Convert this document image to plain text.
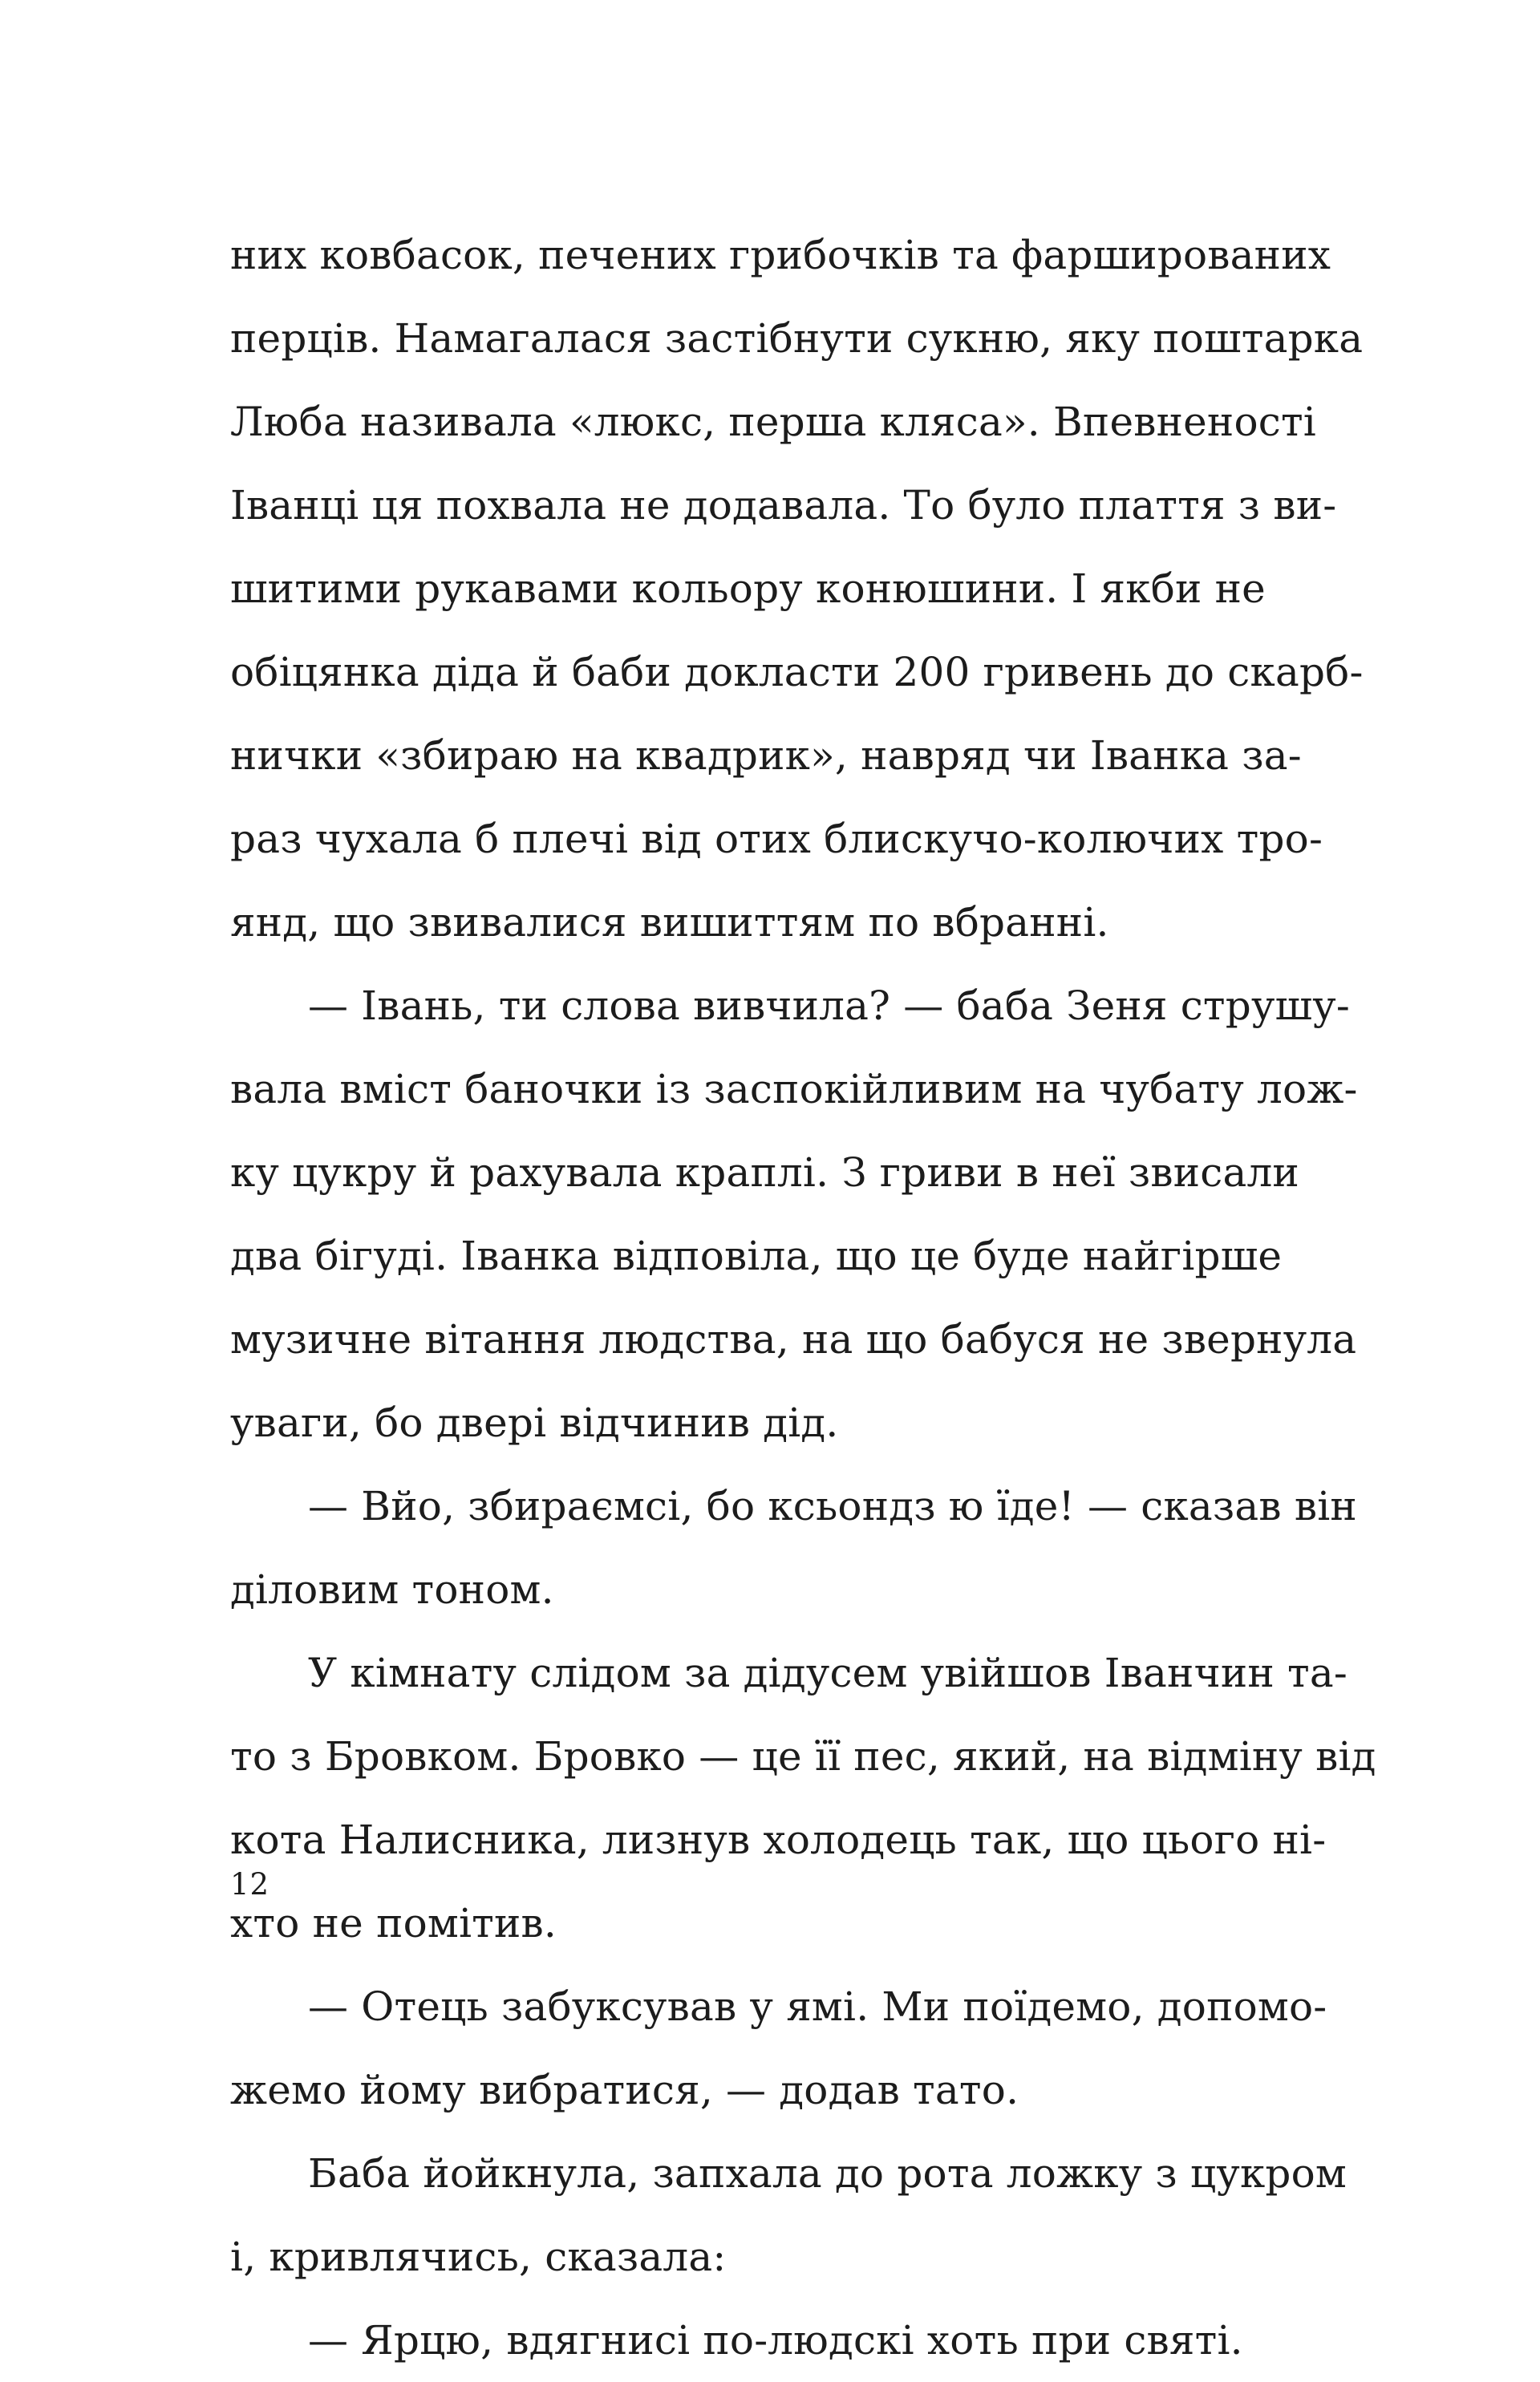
них ковбасок, печених грибочків та фаршированих
перців. Намагалася застібнути сукню, яку поштарка
Люба називала «люкс, перша кляса». Впевненості
Іванці ця похвала не додавала. То було плаття з ви-
шитими рукавами кольору конюшини. І якби не
обіцянка діда й баби докласти 200 гривень до скарб-
нички «збираю на квадрик», навряд чи Іванка за-
раз чухала б плечі від отих блискучо-колючих тро-
янд, що звивалися вишиттям по вбранні.
— Івань, ти слова вивчила? — баба Зеня струшу-
вала вміст баночки із заспокійливим на чубату лож-
ку цукру й рахувала краплі. З гриви в неї звисали
два бігуді. Іванка відповіла, що це буде найгірше
музичне вітання людства, на що бабуся не звернула
уваги, бо двері відчинив дід.
— Вйо, збираємсі, бо ксьондз ю їде! — сказав він
діловим тоном.
У кімнату слідом за дідусем увійшов Іванчин та-
то з Бровком. Бровко — це її пес, який, на відміну від
кота Налисника, лизнув холодець так, що цього ні-
хто не помітив.
— Отець забуксував у ямі. Ми поїдемо, допомо-
жемо йому вибратися, — додав тато.
Баба йойкнула, запхала до рота ложку з цукром
і, кривлячись, сказала:
— Ярцю, вдягнисі по-людскі хоть при святі.
12
